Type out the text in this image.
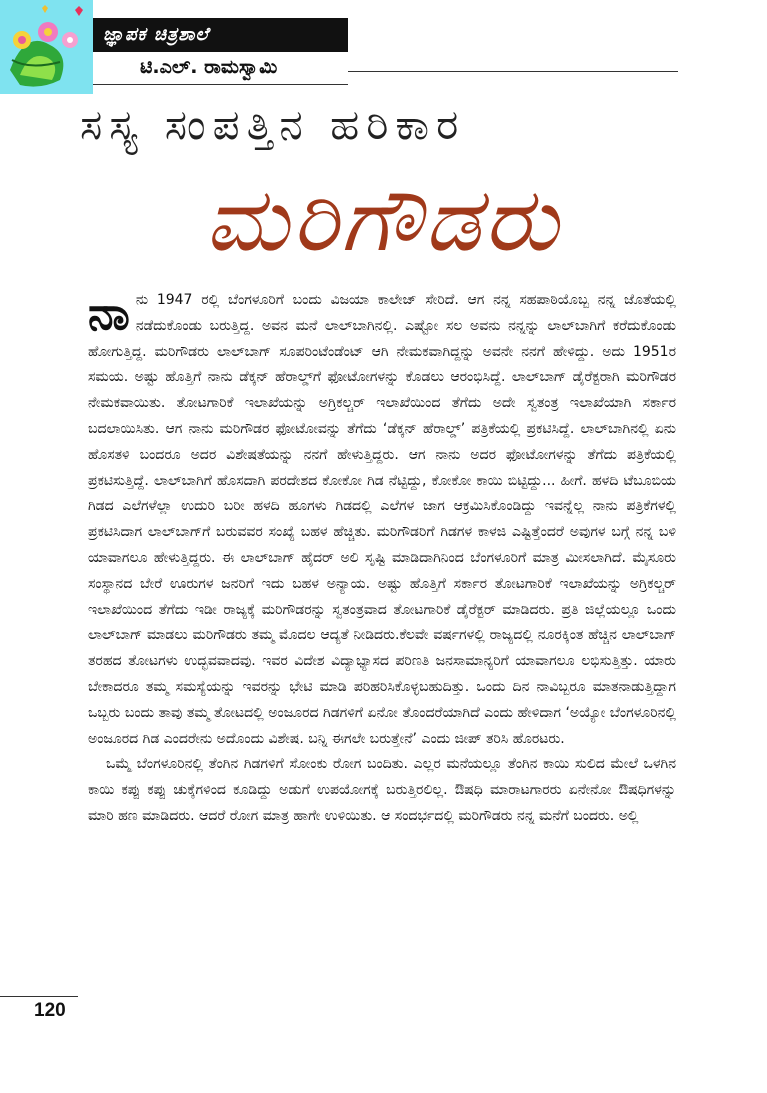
ಜ್ಞಾಪಕ ಚಿತ್ರಶಾಲೆ
ಟಿ.ಎಲ್. ರಾಮಸ್ವಾಮಿ
ಸಸ್ಯ ಸಂಪತ್ತಿನ ಹರಿಕಾರ
ಮರಿಗೌಡರು

ನಾನು 1947 ರಲ್ಲಿ ಬೆಂಗಳೂರಿಗೆ ಬಂದು ವಿಜಯಾ ಕಾಲೇಜ್ ಸೇರಿದೆ. ಆಗ ನನ್ನ ಸಹಪಾಠಿಯೊಬ್ಬ ನನ್ನ ಜೊತೆಯಲ್ಲಿ ನಡೆದುಕೊಂಡು ಬರುತ್ತಿದ್ದ. ಅವನ ಮನೆ ಲಾಲ್‌ಬಾಗಿನಲ್ಲಿ. ಎಷ್ಟೋ ಸಲ ಅವನು ನನ್ನನ್ನು ಲಾಲ್‌ಬಾಗಿಗೆ ಕರೆದುಕೊಂಡು ಹೋಗುತ್ತಿದ್ದ. ಮರಿಗೌಡರು ಲಾಲ್‌ಬಾಗ್ ಸೂಪರಿಂಟೆಂಡೆಂಟ್ ಆಗಿ ನೇಮಕವಾಗಿದ್ದನ್ನು ಅವನೇ ನನಗೆ ಹೇಳಿದ್ದು. ಅದು 1951ರ ಸಮಯ. ಅಷ್ಟು ಹೊತ್ತಿಗೆ ನಾನು ಡೆಕ್ಕನ್ ಹೆರಾಲ್ಡ್‌ಗೆ ಫೋಟೋಗಳನ್ನು ಕೊಡಲು ಆರಂಭಿಸಿದ್ದೆ. ಲಾಲ್‌ಬಾಗ್ ಡೈರೆಕ್ಟರಾಗಿ ಮರಿಗೌಡರ ನೇಮಕವಾಯಿತು. ತೋಟಗಾರಿಕೆ ಇಲಾಖೆಯನ್ನು ಅಗ್ರಿಕಲ್ಚರ್ ಇಲಾಖೆಯಿಂದ ತೆಗೆದು ಅದೇ ಸ್ವತಂತ್ರ ಇಲಾಖೆಯಾಗಿ ಸರ್ಕಾರ ಬದಲಾಯಿಸಿತು. ಆಗ ನಾನು ಮರಿಗೌಡರ ಫೋಟೋವನ್ನು ತೆಗೆದು ‘ಡೆಕ್ಕನ್ ಹೆರಾಲ್ಡ್’ ಪತ್ರಿಕೆಯಲ್ಲಿ ಪ್ರಕಟಿಸಿದ್ದೆ. ಲಾಲ್‌ಬಾಗಿನಲ್ಲಿ ಏನು ಹೊಸತಳಿ ಬಂದರೂ ಅದರ ವಿಶೇಷತೆಯನ್ನು ನನಗೆ ಹೇಳುತ್ತಿದ್ದರು. ಆಗ ನಾನು ಅದರ ಫೋಟೋಗಳನ್ನು ತೆಗೆದು ಪತ್ರಿಕೆಯಲ್ಲಿ ಪ್ರಕಟಿಸುತ್ತಿದ್ದೆ. ಲಾಲ್‌ಬಾಗಿಗೆ ಹೊಸದಾಗಿ ಪರದೇಶದ ಕೋಕೋ ಗಿಡ ನೆಟ್ಟಿದ್ದು, ಕೋಕೋ ಕಾಯಿ ಬಿಟ್ಟಿದ್ದು... ಹೀಗೆ. ಹಳದಿ ಟೆಬೂಬಿಯ ಗಿಡದ ಎಲೆಗಳೆಲ್ಲಾ ಉದುರಿ ಬರೀ ಹಳದಿ ಹೂಗಳು ಗಿಡದಲ್ಲಿ ಎಲೆಗಳ ಜಾಗ ಆಕ್ರಮಿಸಿಕೊಂಡಿದ್ದು ಇವನ್ನೆಲ್ಲ ನಾನು ಪತ್ರಿಕೆಗಳಲ್ಲಿ ಪ್ರಕಟಿಸಿದಾಗ ಲಾಲ್‌ಬಾಗ್‌ಗೆ ಬರುವವರ ಸಂಖ್ಯೆ ಬಹಳ ಹೆಚ್ಚಿತು. ಮರಿಗೌಡರಿಗೆ ಗಿಡಗಳ ಕಾಳಜಿ ಎಷ್ಟಿತ್ತೆಂದರೆ ಅವುಗಳ ಬಗ್ಗೆ ನನ್ನ ಬಳಿ ಯಾವಾಗಲೂ ಹೇಳುತ್ತಿದ್ದರು. ಈ ಲಾಲ್‌ಬಾಗ್ ಹೈದರ್ ಅಲಿ ಸೃಷ್ಟಿ ಮಾಡಿದಾಗಿನಿಂದ ಬೆಂಗಳೂರಿಗೆ ಮಾತ್ರ ಮೀಸಲಾಗಿದೆ. ಮೈಸೂರು ಸಂಸ್ಥಾನದ ಬೇರೆ ಊರುಗಳ ಜನರಿಗೆ ಇದು ಬಹಳ ಅನ್ಯಾಯ. ಅಷ್ಟು ಹೊತ್ತಿಗೆ ಸರ್ಕಾರ ತೋಟಗಾರಿಕೆ ಇಲಾಖೆಯನ್ನು ಅಗ್ರಿಕಲ್ಚರ್ ಇಲಾಖೆಯಿಂದ ತೆಗೆದು ಇಡೀ ರಾಜ್ಯಕ್ಕೆ ಮರಿಗೌಡರನ್ನು ಸ್ವತಂತ್ರವಾದ ತೋಟಗಾರಿಕೆ ಡೈರೆಕ್ಟರ್ ಮಾಡಿದರು. ಪ್ರತಿ ಜಿಲ್ಲೆಯಲ್ಲೂ ಒಂದು ಲಾಲ್‌ಬಾಗ್ ಮಾಡಲು ಮರಿಗೌಡರು ತಮ್ಮ ಮೊದಲ ಆದ್ಯತೆ ನೀಡಿದರು.ಕೆಲವೇ ವರ್ಷಗಳಲ್ಲಿ ರಾಜ್ಯದಲ್ಲಿ ನೂರಕ್ಕಿಂತ ಹೆಚ್ಚಿನ ಲಾಲ್‌ಬಾಗ್ ತರಹದ ತೋಟಗಳು ಉದ್ಭವವಾದವು. ಇವರ ವಿದೇಶ ವಿದ್ಯಾಭ್ಯಾಸದ ಪರಿಣತಿ ಜನಸಾಮಾನ್ಯರಿಗೆ ಯಾವಾಗಲೂ ಲಭಿಸುತ್ತಿತ್ತು. ಯಾರು ಬೇಕಾದರೂ ತಮ್ಮ ಸಮಸ್ಯೆಯನ್ನು ಇವರನ್ನು ಭೇಟಿ ಮಾಡಿ ಪರಿಹರಿಸಿಕೊಳ್ಳಬಹುದಿತ್ತು. ಒಂದು ದಿನ ನಾವಿಬ್ಬರೂ ಮಾತನಾಡುತ್ತಿದ್ದಾಗ ಒಬ್ಬರು ಬಂದು ತಾವು ತಮ್ಮ ತೋಟದಲ್ಲಿ ಅಂಜೂರದ ಗಿಡಗಳಿಗೆ ಏನೋ ತೊಂದರೆಯಾಗಿದೆ ಎಂದು ಹೇಳಿದಾಗ ‘ಅಯ್ಯೋ ಬೆಂಗಳೂರಿನಲ್ಲಿ ಅಂಜೂರದ ಗಿಡ ಎಂದರೇನು ಅದೊಂದು ವಿಶೇಷ. ಬನ್ನಿ ಈಗಲೇ ಬರುತ್ತೇನೆ’ ಎಂದು ಜೀಪ್ ತರಿಸಿ ಹೊರಟರು.

ಒಮ್ಮೆ ಬೆಂಗಳೂರಿನಲ್ಲಿ ತೆಂಗಿನ ಗಿಡಗಳಿಗೆ ಸೋಂಕು ರೋಗ ಬಂದಿತು. ಎಲ್ಲರ ಮನೆಯಲ್ಲೂ ತೆಂಗಿನ ಕಾಯಿ ಸುಲಿದ ಮೇಲೆ ಒಳಗಿನ ಕಾಯಿ ಕಪ್ಪು ಕಪ್ಪು ಚುಕ್ಕೆಗಳಿಂದ ಕೂಡಿದ್ದು ಅಡುಗೆ ಉಪಯೋಗಕ್ಕೆ ಬರುತ್ತಿರಲಿಲ್ಲ. ಔಷಧಿ ಮಾರಾಟಗಾರರು ಏನೇನೋ ಔಷಧಿಗಳನ್ನು ಮಾರಿ ಹಣ ಮಾಡಿದರು. ಆದರೆ ರೋಗ ಮಾತ್ರ ಹಾಗೇ ಉಳಿಯಿತು. ಆ ಸಂದರ್ಭದಲ್ಲಿ ಮರಿಗೌಡರು ನನ್ನ ಮನೆಗೆ ಬಂದರು. ಅಲ್ಲಿ

120
